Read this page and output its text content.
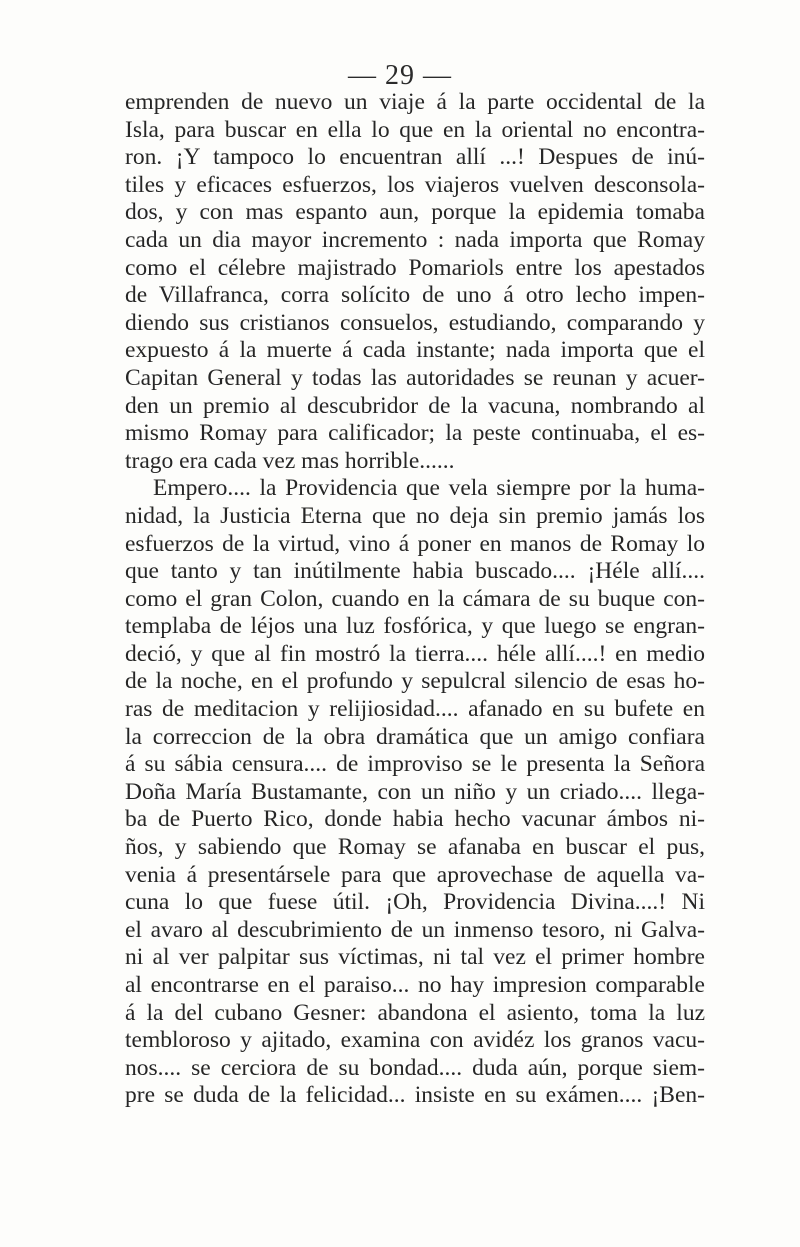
— 29 —
emprenden de nuevo un viaje á la parte occidental de la
Isla, para buscar en ella lo que en la oriental no encontra-
ron. ¡Y tampoco lo encuentran allí ...! Despues de inú-
tiles y eficaces esfuerzos, los viajeros vuelven desconsola-
dos, y con mas espanto aun, porque la epidemia tomaba
cada un dia mayor incremento : nada importa que Romay
como el célebre majistrado Pomariols entre los apestados
de Villafranca, corra solícito de uno á otro lecho impen-
diendo sus cristianos consuelos, estudiando, comparando y
expuesto á la muerte á cada instante; nada importa que el
Capitan General y todas las autoridades se reunan y acuer-
den un premio al descubridor de la vacuna, nombrando al
mismo Romay para calificador; la peste continuaba, el es-
trago era cada vez mas horrible......
Empero.... la Providencia que vela siempre por la huma-
nidad, la Justicia Eterna que no deja sin premio jamás los
esfuerzos de la virtud, vino á poner en manos de Romay lo
que tanto y tan inútilmente habia buscado.... ¡Héle allí....
como el gran Colon, cuando en la cámara de su buque con-
templaba de léjos una luz fosfórica, y que luego se engran-
deció, y que al fin mostró la tierra.... héle allí....! en medio
de la noche, en el profundo y sepulcral silencio de esas ho-
ras de meditacion y relijiosidad.... afanado en su bufete en
la correccion de la obra dramática que un amigo confiara
á su sábia censura.... de improviso se le presenta la Señora
Doña María Bustamante, con un niño y un criado.... llega-
ba de Puerto Rico, donde habia hecho vacunar ámbos ni-
ños, y sabiendo que Romay se afanaba en buscar el pus,
venia á presentársele para que aprovechase de aquella va-
cuna lo que fuese útil. ¡Oh, Providencia Divina....! Ni
el avaro al descubrimiento de un inmenso tesoro, ni Galva-
ni al ver palpitar sus víctimas, ni tal vez el primer hombre
al encontrarse en el paraiso... no hay impresion comparable
á la del cubano Gesner: abandona el asiento, toma la luz
tembloroso y ajitado, examina con avidéz los granos vacu-
nos.... se cerciora de su bondad.... duda aún, porque siem-
pre se duda de la felicidad... insiste en su exámen.... ¡Ben-
